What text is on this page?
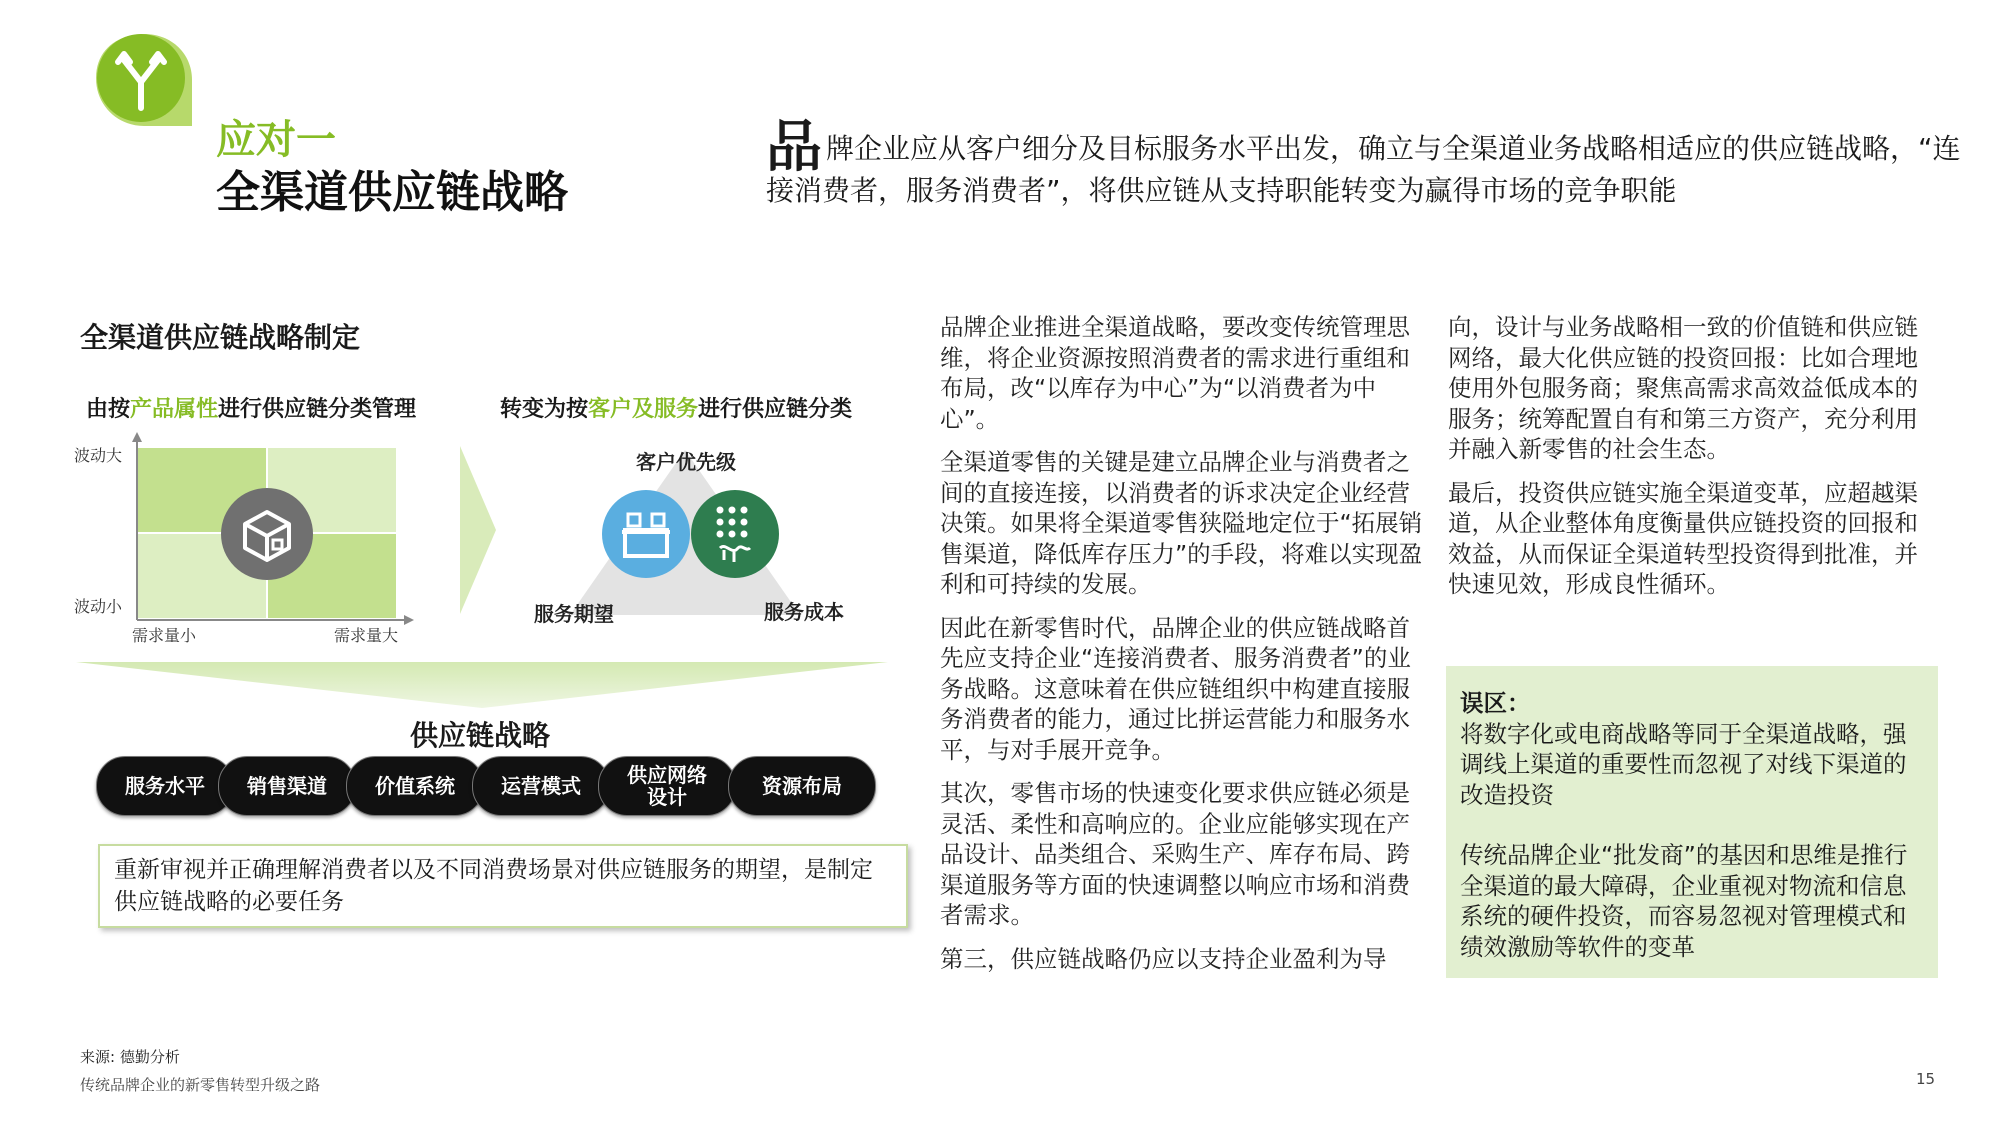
应对一
全渠道供应链战略
品牌企业应从客户细分及目标服务水平出发，确立与全渠道业务战略相适应的供应链战略，“连接消费者，服务消费者”，将供应链从支持职能转变为赢得市场的竞争职能
全渠道供应链战略制定
由按产品属性进行供应链分类管理	转变为按客户及服务进行供应链分类
波动大
波动小
需求量小	需求量大
客户优先级
服务期望	服务成本
供应链战略
服务水平	销售渠道	价值系统	运营模式	供应网络
设计	资源布局
重新审视并正确理解消费者以及不同消费场景对供应链服务的期望，是制定供应链战略的必要任务

品牌企业推进全渠道战略，要改变传统管理思维，将企业资源按照消费者的需求进行重组和布局，改“以库存为中心”为“以消费者为中心”。

全渠道零售的关键是建立品牌企业与消费者之间的直接连接，以消费者的诉求决定企业经营决策。如果将全渠道零售狭隘地定位于“拓展销售渠道，降低库存压力”的手段，将难以实现盈利和可持续的发展。

因此在新零售时代，品牌企业的供应链战略首先应支持企业“连接消费者、服务消费者”的业务战略。这意味着在供应链组织中构建直接服务消费者的能力，通过比拼运营能力和服务水平，与对手展开竞争。

其次，零售市场的快速变化要求供应链必须是灵活、柔性和高响应的。企业应能够实现在产品设计、品类组合、采购生产、库存布局、跨渠道服务等方面的快速调整以响应市场和消费者需求。

第三，供应链战略仍应以支持企业盈利为导

向，设计与业务战略相一致的价值链和供应链网络，最大化供应链的投资回报：比如合理地使用外包服务商；聚焦高需求高效益低成本的服务；统筹配置自有和第三方资产，充分利用并融入新零售的社会生态。

最后，投资供应链实施全渠道变革，应超越渠道，从企业整体角度衡量供应链投资的回报和效益，从而保证全渠道转型投资得到批准，并快速见效，形成良性循环。

误区：

将数字化或电商战略等同于全渠道战略，强调线上渠道的重要性而忽视了对线下渠道的改造投资

传统品牌企业“批发商”的基因和思维是推行全渠道的最大障碍，企业重视对物流和信息系统的硬件投资，而容易忽视对管理模式和绩效激励等软件的变革

来源: 德勤分析
传统品牌企业的新零售转型升级之路	15
